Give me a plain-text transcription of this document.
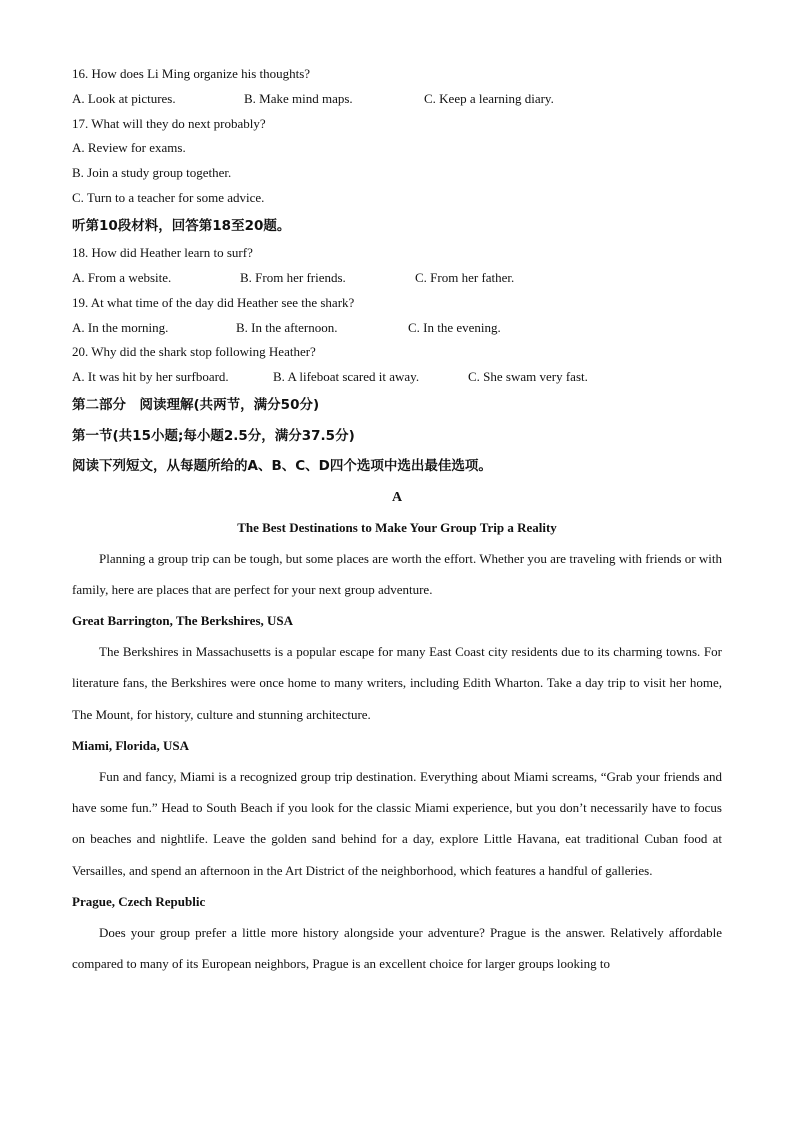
16. How does Li Ming organize his thoughts?
A. Look at pictures.	B. Make mind maps.	C. Keep a learning diary.
17. What will they do next probably?
A. Review for exams.
B. Join a study group together.
C. Turn to a teacher for some advice.
听第10段材料，回答第18至20题。
18. How did Heather learn to surf?
A. From a website.	B. From her friends.	C. From her father.
19. At what time of the day did Heather see the shark?
A. In the morning.	B. In the afternoon.	C. In the evening.
20. Why did the shark stop following Heather?
A. It was hit by her surfboard.	B. A lifeboat scared it away.	C. She swam very fast.
第二部分　阅读理解(共两节，满分50分)
第一节(共15小题;每小题2.5分，满分37.5分)
阅读下列短文，从每题所给的A、B、C、D四个选项中选出最佳选项。
A
The Best Destinations to Make Your Group Trip a Reality

Planning a group trip can be tough, but some places are worth the effort. Whether you are traveling with friends or with family, here are places that are perfect for your next group adventure.

Great Barrington, The Berkshires, USA

The Berkshires in Massachusetts is a popular escape for many East Coast city residents due to its charming towns. For literature fans, the Berkshires were once home to many writers, including Edith Wharton. Take a day trip to visit her home, The Mount, for history, culture and stunning architecture.

Miami, Florida, USA

Fun and fancy, Miami is a recognized group trip destination. Everything about Miami screams, “Grab your friends and have some fun.” Head to South Beach if you look for the classic Miami experience, but you don’t necessarily have to focus on beaches and nightlife. Leave the golden sand behind for a day, explore Little Havana, eat traditional Cuban food at Versailles, and spend an afternoon in the Art District of the neighborhood, which features a handful of galleries.

Prague, Czech Republic

Does your group prefer a little more history alongside your adventure? Prague is the answer. Relatively affordable compared to many of its European neighbors, Prague is an excellent choice for larger groups looking to
